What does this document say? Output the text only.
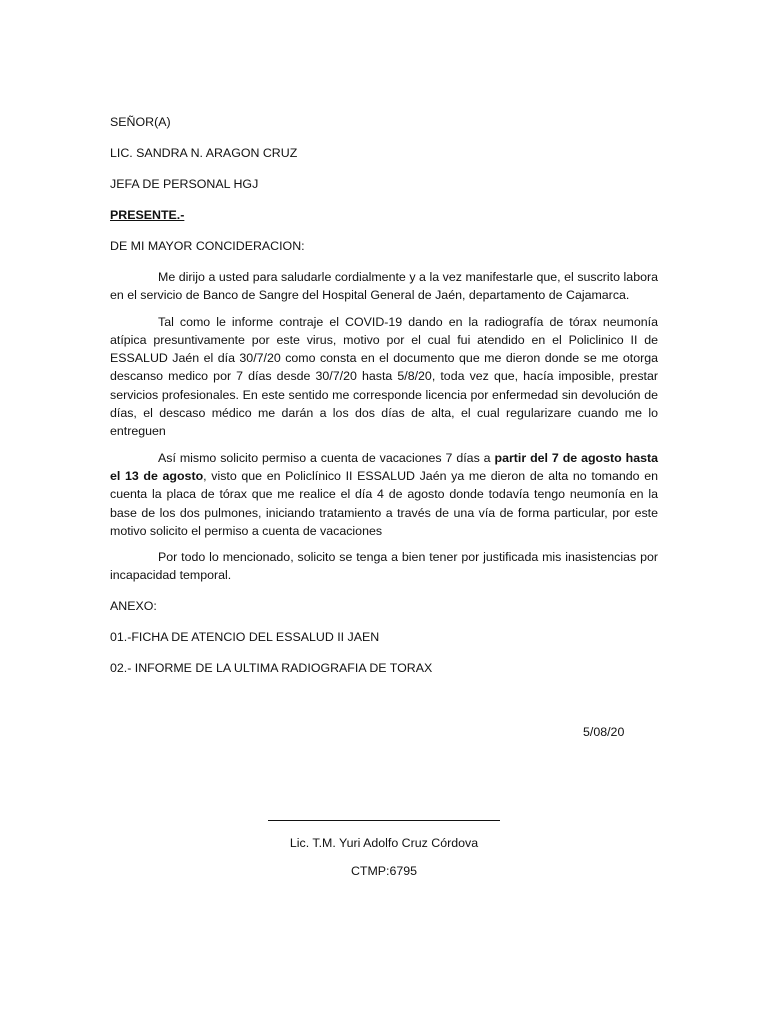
SEÑOR(A)
LIC. SANDRA N. ARAGON CRUZ
JEFA DE PERSONAL HGJ
PRESENTE.-
DE MI MAYOR CONCIDERACION:

Me dirijo a usted para saludarle cordialmente y a la vez manifestarle que, el suscrito labora en el servicio de Banco de Sangre del Hospital General de Jaén, departamento de Cajamarca.

Tal como le informe contraje el COVID-19 dando en la radiografía de tórax neumonía atípica presuntivamente por este virus, motivo por el cual fui atendido en el Policlinico II de ESSALUD Jaén el día 30/7/20 como consta en el documento que me dieron donde se me otorga descanso medico por 7 días desde 30/7/20 hasta 5/8/20, toda vez que, hacía imposible, prestar servicios profesionales. En este sentido me corresponde licencia por enfermedad sin devolución de días, el descaso médico me darán a los dos días de alta, el cual regularizare cuando me lo entreguen

Así mismo solicito permiso a cuenta de vacaciones 7 días a partir del 7 de agosto hasta el 13 de agosto, visto que en Policlínico II ESSALUD Jaén ya me dieron de alta no tomando en cuenta la placa de tórax que me realice el día 4 de agosto donde todavía tengo neumonía en la base de los dos pulmones, iniciando tratamiento a través de una vía de forma particular, por este motivo solicito el permiso a cuenta de vacaciones

Por todo lo mencionado, solicito se tenga a bien tener por justificada mis inasistencias por incapacidad temporal.

ANEXO:
01.-FICHA DE ATENCIO DEL ESSALUD II JAEN
02.- INFORME DE LA ULTIMA RADIOGRAFIA DE TORAX
5/08/20
Lic. T.M. Yuri Adolfo Cruz Córdova
CTMP:6795
